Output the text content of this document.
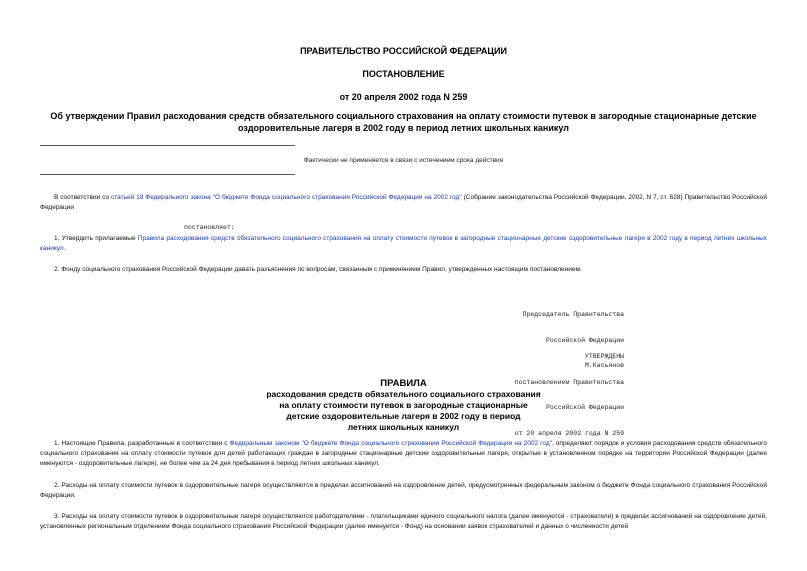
ПРАВИТЕЛЬСТВО РОССИЙСКОЙ ФЕДЕРАЦИИ
ПОСТАНОВЛЕНИЕ
от 20 апреля 2002 года N 259
Об утверждении Правил расходования средств обязательного социального страхования на оплату стоимости путевок в загородные стационарные детские
оздоровительные лагеря в 2002 году в период летних школьных каникул
Фактически не применяется в связи с истечением срока действия
В соответствии со статьей 18 Федерального закона "О бюджете Фонда социального страхования Российской Федерации на 2002 год" (Собрание законодательства Российской Федерации, 2002, N 7, ст. 628) Правительство Российской Федерации
постановляет:
1. Утвердить прилагаемые Правила расходования средств обязательного социального страхования на оплату стоимости путевок в загородные стационарные детские оздоровительные лагеря в 2002 году в период летних школьных каникул.
2. Фонду социального страхования Российской Федерации давать разъяснения по вопросам, связанным с применением Правил, утвержденных настоящим постановлением.

Председатель Правительства

Российской Федерации

М.Касьянов

УТВЕРЖДЕНЫ

постановлением Правительства

Российской Федерации

от 20 апреля 2002 года N 259

ПРАВИЛА
расходования средств обязательного социального страхования
на оплату стоимости путевок в загородные стационарные
детские оздоровительные лагеря в 2002 году в период
летних школьных каникул
1. Настоящие Правила, разработанные в соответствии с Федеральным законом "О бюджете Фонда социального страхования Российской Федерации на 2002 год", определяют порядок и условия расходования средств обязательного социального страхования на оплату стоимости путевок для детей работающих граждан в загородные стационарные детские оздоровительные лагеря, открытые в установленном порядке на территории Российской Федерации (далее именуются - оздоровительные лагеря), не более чем за 24 дня пребывания в период летних школьных каникул.
2. Расходы на оплату стоимости путевок в оздоровительные лагеря осуществляются в пределах ассигнований на оздоровление детей, предусмотренных федеральным законом о бюджете Фонда социального страхования Российской Федерации.
3. Расходы на оплату стоимости путевок в оздоровительные лагеря осуществляются работодателями - плательщиками единого социального налога (далее именуются - страхователи) в пределах ассигнований на оздоровление детей, установленных региональным отделением Фонда социального страхования Российской Федерации (далее именуется - Фонд) на основании заявок страхователей и данных о численности детей
